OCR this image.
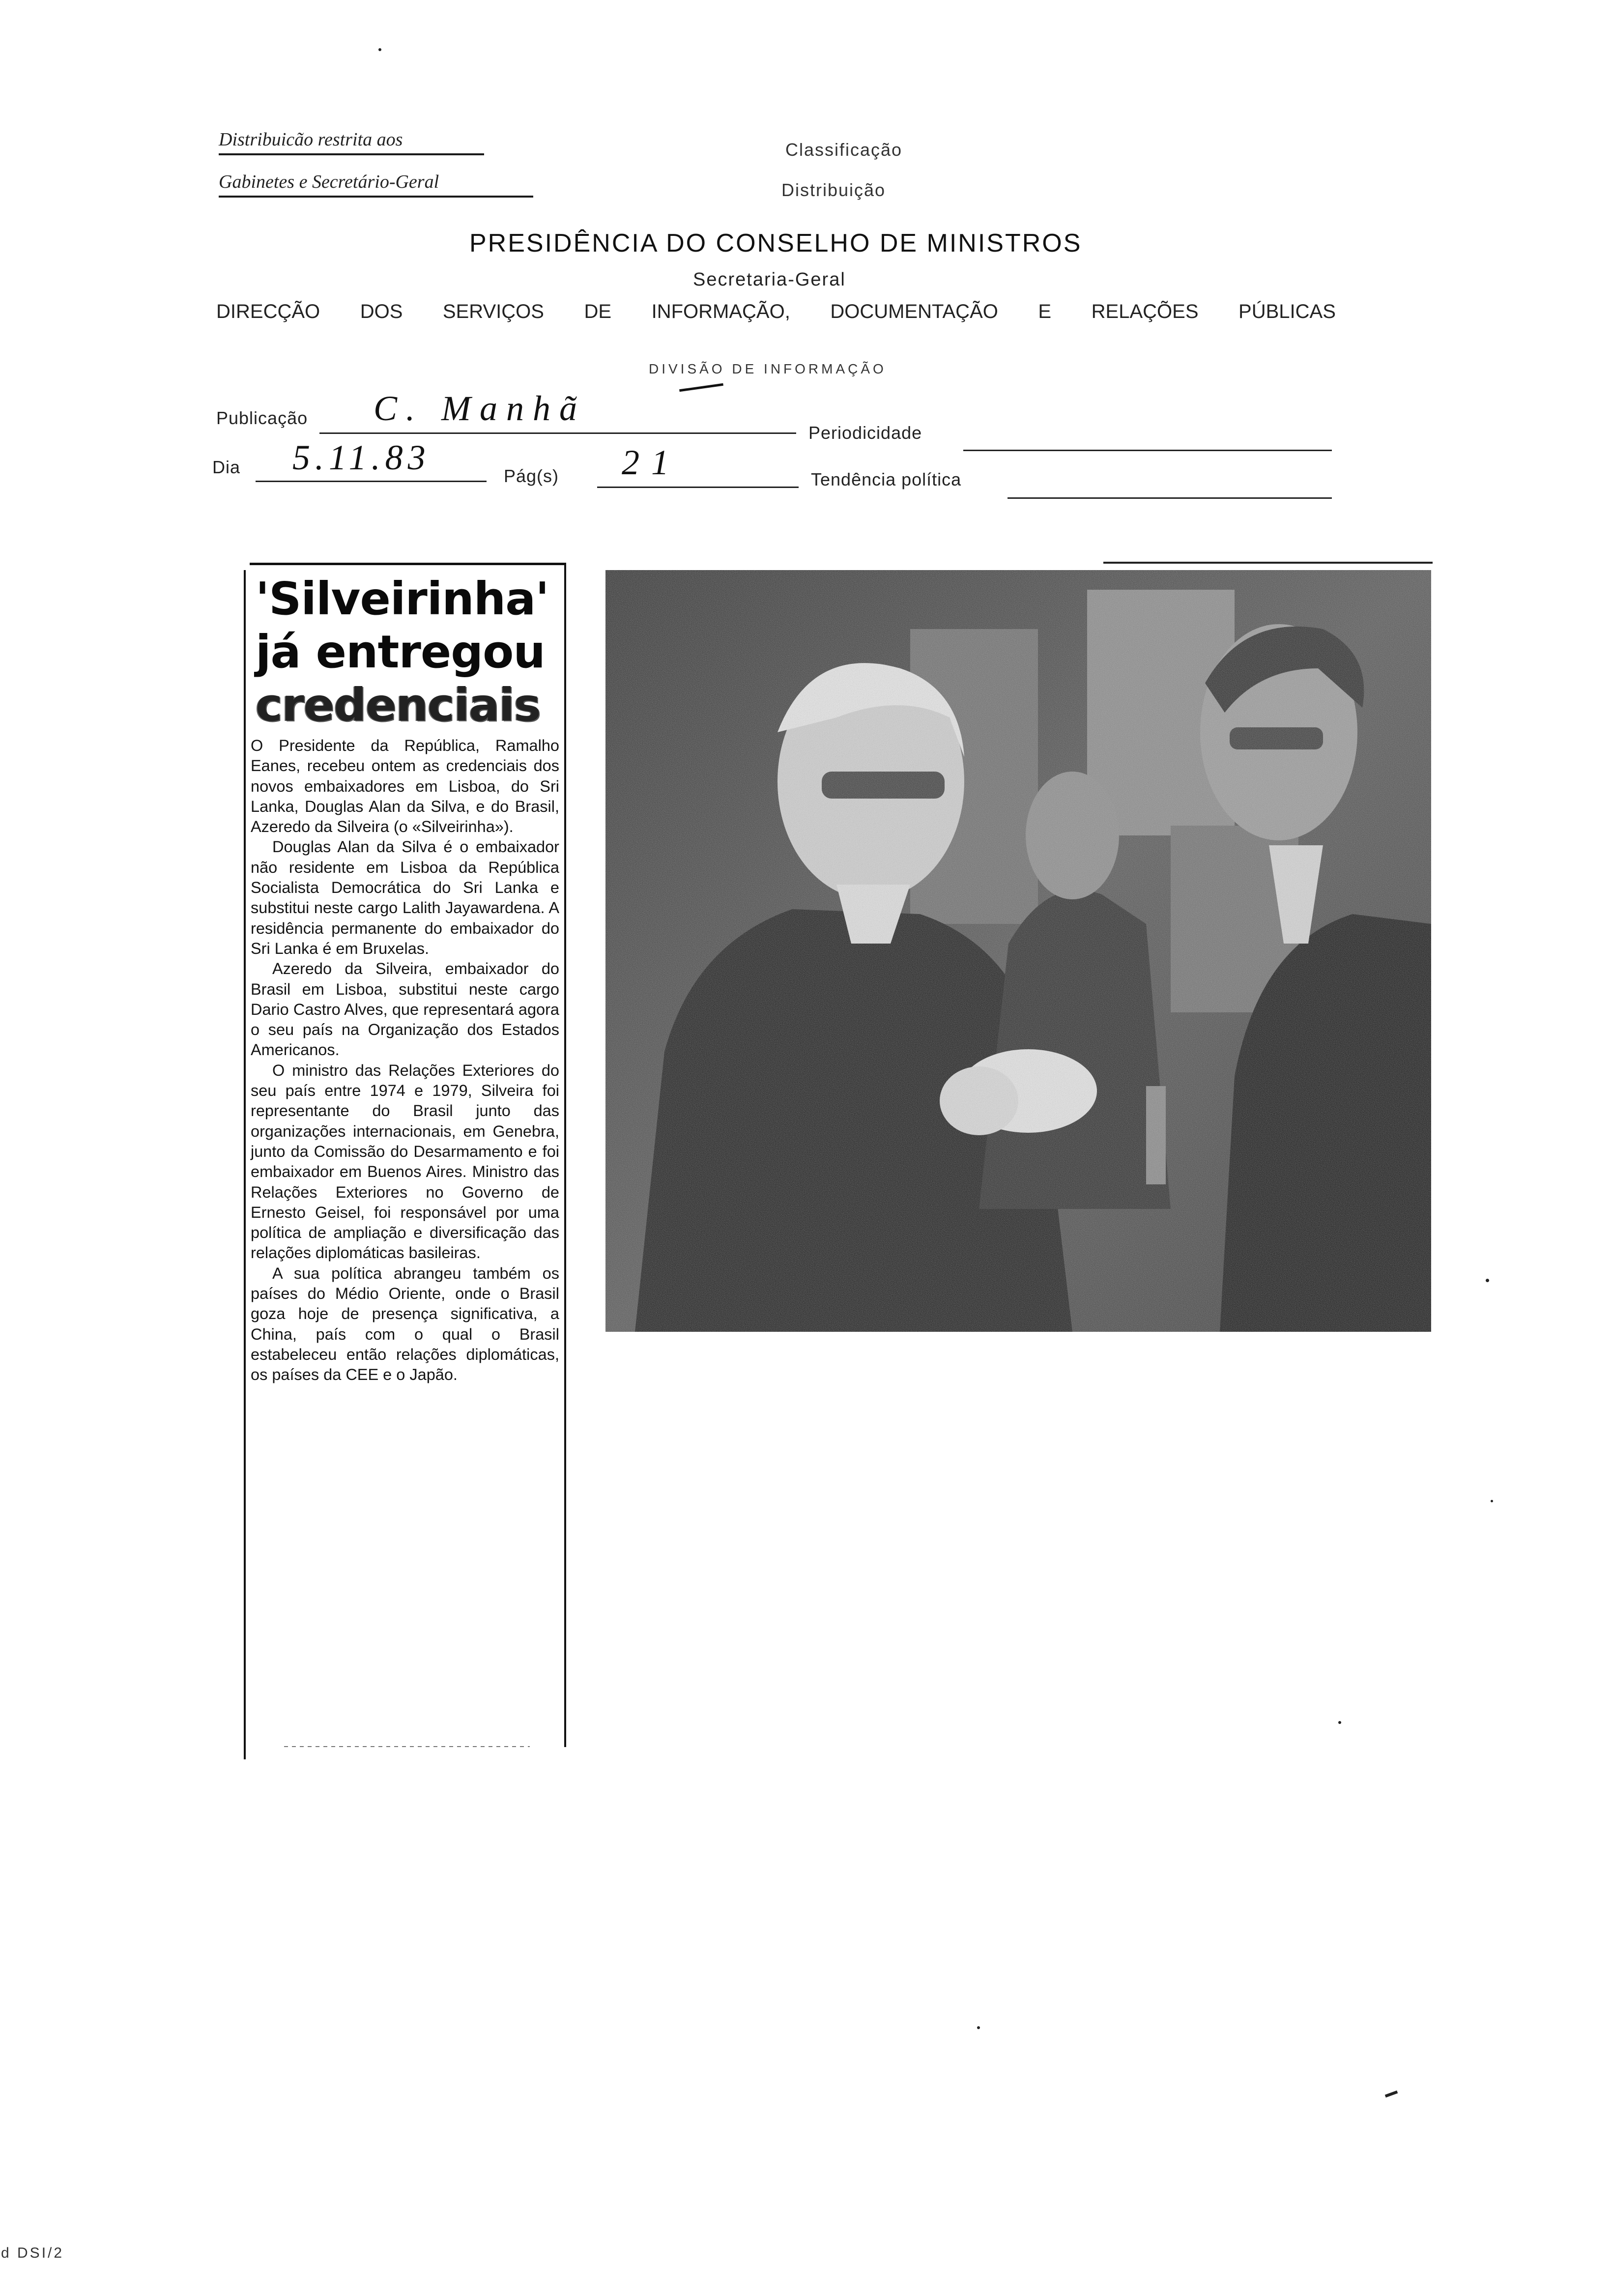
Distribuicão restrita aos
Gabinetes e Secretário-Geral
Classificação
Distribuição
PRESIDÊNCIA DO CONSELHO DE MINISTROS
Secretaria-Geral
DIRECÇÃO DOS SERVIÇOS DE INFORMAÇÃO, DOCUMENTAÇÃO E RELAÇÕES PÚBLICAS
DIVISÃO DE INFORMAÇÃO
Publicação C. Manhã
Periodicidade
Dia 5.11.83	Pág(s) 21	Tendência política
'Silveirinha'
já entregou
credenciais

O Presidente da República, Ramalho Eanes, recebeu ontem as credenciais dos novos embaixadores em Lisboa, do Sri Lanka, Douglas Alan da Silva, e do Brasil, Azeredo da Silveira (o «Silveirinha»).

Douglas Alan da Silva é o embaixador não residente em Lisboa da República Socialista Democrática do Sri Lanka e substitui neste cargo Lalith Jayawardena. A residência permanente do embaixador do Sri Lanka é em Bruxelas.

Azeredo da Silveira, embaixador do Brasil em Lisboa, substitui neste cargo Dario Castro Alves, que representará agora o seu país na Organização dos Estados Americanos.

O ministro das Relações Exteriores do seu país entre 1974 e 1979, Silveira foi representante do Brasil junto das organizações internacionais, em Genebra, junto da Comissão do Desarmamento e foi embaixador em Buenos Aires. Ministro das Relações Exteriores no Governo de Ernesto Geisel, foi responsável por uma política de ampliação e diversificação das relações diplomáticas basileiras.

A sua política abrangeu também os países do Médio Oriente, onde o Brasil goza hoje de presença significativa, a China, país com o qual o Brasil estabeleceu então relações diplomáticas, os países da CEE e o Japão.

d DSI/2
